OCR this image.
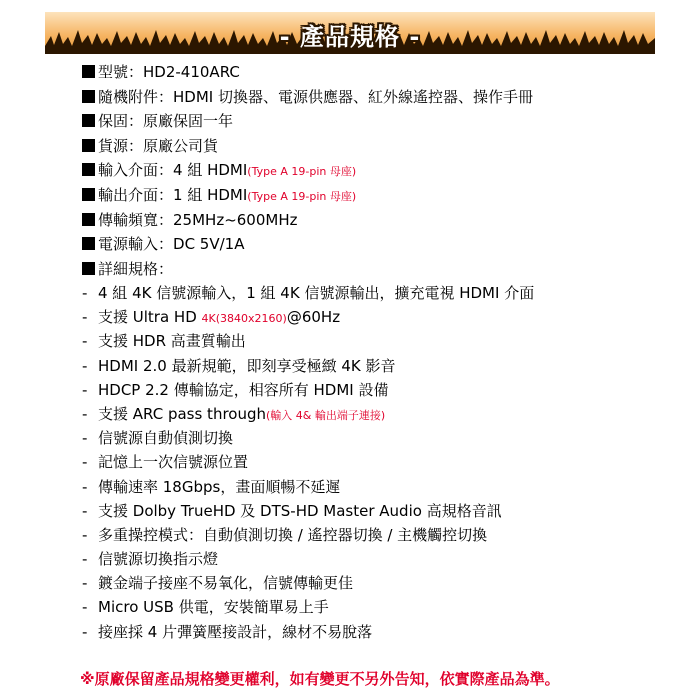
- 產品規格 -
型號：HD2-410ARC
隨機附件：HDMI 切換器、電源供應器、紅外線遙控器、操作手冊
保固：原廠保固一年
貨源：原廠公司貨
輸入介面：4 組 HDMI(Type A 19-pin 母座)
輸出介面：1 組 HDMI(Type A 19-pin 母座)
傳輸頻寬：25MHz~600MHz
電源輸入：DC 5V/1A
詳細規格：
- 4 組 4K 信號源輸入，1 組 4K 信號源輸出，擴充電視 HDMI 介面
- 支援 Ultra HD 4K(3840x2160)@60Hz
- 支援 HDR 高畫質輸出
- HDMI 2.0 最新規範，即刻享受極緻 4K 影音
- HDCP 2.2 傳輸協定，相容所有 HDMI 設備
- 支援 ARC pass through(輸入 4& 輸出端子連接)
- 信號源自動偵測切換
- 記憶上一次信號源位置
- 傳輸速率 18Gbps，畫面順暢不延遲
- 支援 Dolby TrueHD 及 DTS-HD Master Audio 高規格音訊
- 多重操控模式：自動偵測切換 / 遙控器切換 / 主機觸控切換
- 信號源切換指示燈
- 鍍金端子接座不易氧化，信號傳輸更佳
- Micro USB 供電，安裝簡單易上手
- 接座採 4 片彈簧壓接設計，線材不易脫落
※原廠保留產品規格變更權利，如有變更不另外告知，依實際產品為準。
